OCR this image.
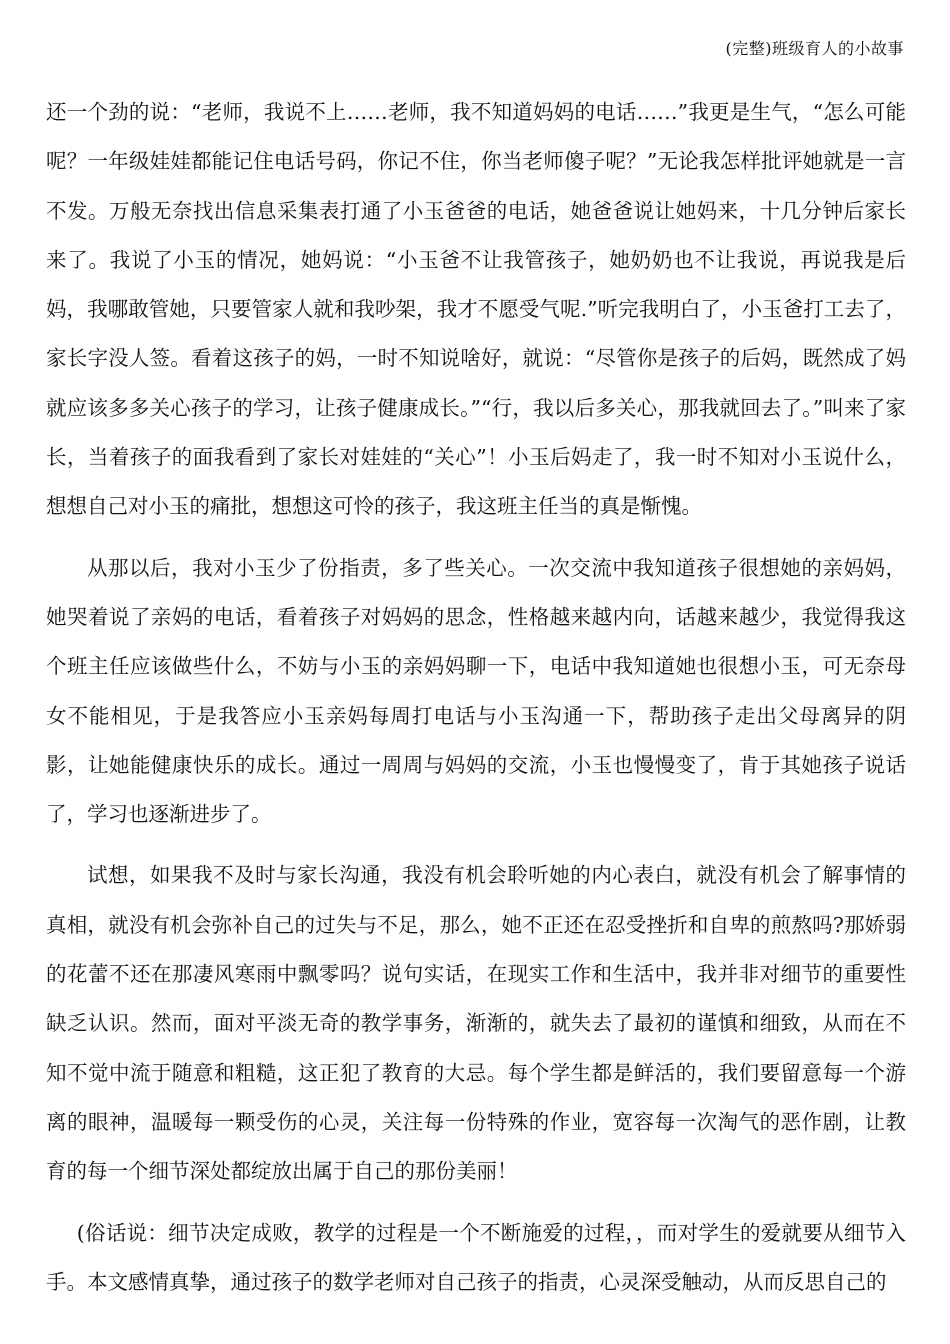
(完整)班级育人的小故事

还一个劲的说：“老师，我说不上……老师，我不知道妈妈的电话……”我更是生气，“怎么可能呢？一年级娃娃都能记住电话号码，你记不住，你当老师傻子呢？”无论我怎样批评她就是一言不发。万般无奈找出信息采集表打通了小玉爸爸的电话，她爸爸说让她妈来，十几分钟后家长来了。我说了小玉的情况，她妈说：“小玉爸不让我管孩子，她奶奶也不让我说，再说我是后妈，我哪敢管她，只要管家人就和我吵架，我才不愿受气呢.”听完我明白了，小玉爸打工去了，家长字没人签。看着这孩子的妈，一时不知说啥好，就说：“尽管你是孩子的后妈，既然成了妈就应该多多关心孩子的学习，让孩子健康成长。”“行，我以后多关心，那我就回去了。”叫来了家长，当着孩子的面我看到了家长对娃娃的“关心”！小玉后妈走了，我一时不知对小玉说什么，想想自己对小玉的痛批，想想这可怜的孩子，我这班主任当的真是惭愧。

从那以后，我对小玉少了份指责，多了些关心。一次交流中我知道孩子很想她的亲妈妈，她哭着说了亲妈的电话，看着孩子对妈妈的思念，性格越来越内向，话越来越少，我觉得我这个班主任应该做些什么，不妨与小玉的亲妈妈聊一下，电话中我知道她也很想小玉，可无奈母女不能相见，于是我答应小玉亲妈每周打电话与小玉沟通一下，帮助孩子走出父母离异的阴影，让她能健康快乐的成长。通过一周周与妈妈的交流，小玉也慢慢变了，肯于其她孩子说话了，学习也逐渐进步了。

试想，如果我不及时与家长沟通，我没有机会聆听她的内心表白，就没有机会了解事情的真相，就没有机会弥补自己的过失与不足，那么，她不正还在忍受挫折和自卑的煎熬吗?那娇弱的花蕾不还在那凄风寒雨中飘零吗？说句实话，在现实工作和生活中，我并非对细节的重要性缺乏认识。然而，面对平淡无奇的教学事务，渐渐的，就失去了最初的谨慎和细致，从而在不知不觉中流于随意和粗糙，这正犯了教育的大忌。每个学生都是鲜活的，我们要留意每一个游离的眼神，温暖每一颗受伤的心灵，关注每一份特殊的作业，宽容每一次淘气的恶作剧，让教育的每一个细节深处都绽放出属于自己的那份美丽！

(俗话说：细节决定成败，教学的过程是一个不断施爱的过程，，而对学生的爱就要从细节入手。本文感情真挚，通过孩子的数学老师对自己孩子的指责，心灵深受触动，从而反思自己的
